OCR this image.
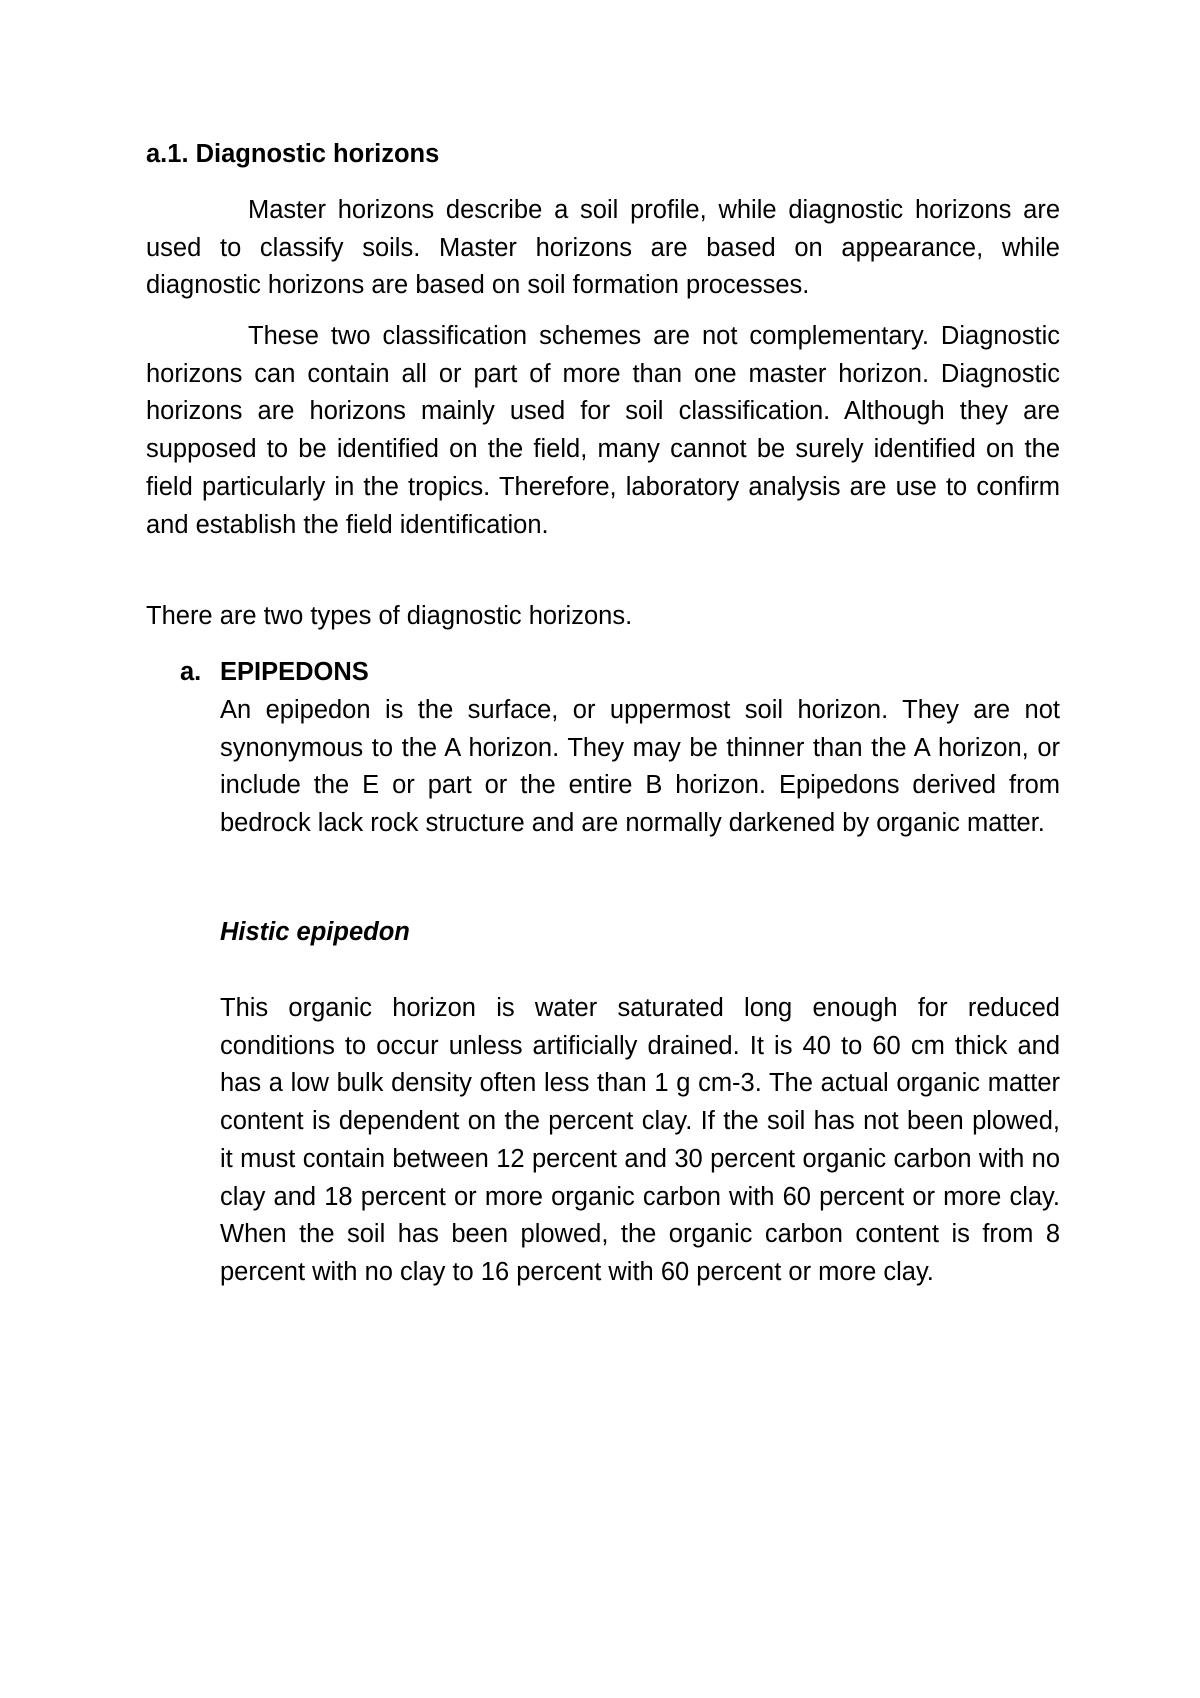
a.1. Diagnostic horizons

Master horizons describe a soil profile, while diagnostic horizons are used to classify soils. Master horizons are based on appearance, while diagnostic horizons are based on soil formation processes.

These two classification schemes are not complementary. Diagnostic horizons can contain all or part of more than one master horizon. Diagnostic horizons are horizons mainly used for soil classification. Although they are supposed to be identified on the field, many cannot be surely identified on the field particularly in the tropics. Therefore, laboratory analysis are use to confirm and establish the field identification.

There are two types of diagnostic horizons.

a. EPIPEDONS

An epipedon is the surface, or uppermost soil horizon. They are not synonymous to the A horizon. They may be thinner than the A horizon, or include the E or part or the entire B horizon. Epipedons derived from bedrock lack rock structure and are normally darkened by organic matter.

Histic epipedon

This organic horizon is water saturated long enough for reduced conditions to occur unless artificially drained. It is 40 to 60 cm thick and has a low bulk density often less than 1 g cm-3. The actual organic matter content is dependent on the percent clay. If the soil has not been plowed, it must contain between 12 percent and 30 percent organic carbon with no clay and 18 percent or more organic carbon with 60 percent or more clay. When the soil has been plowed, the organic carbon content is from 8 percent with no clay to 16 percent with 60 percent or more clay.
